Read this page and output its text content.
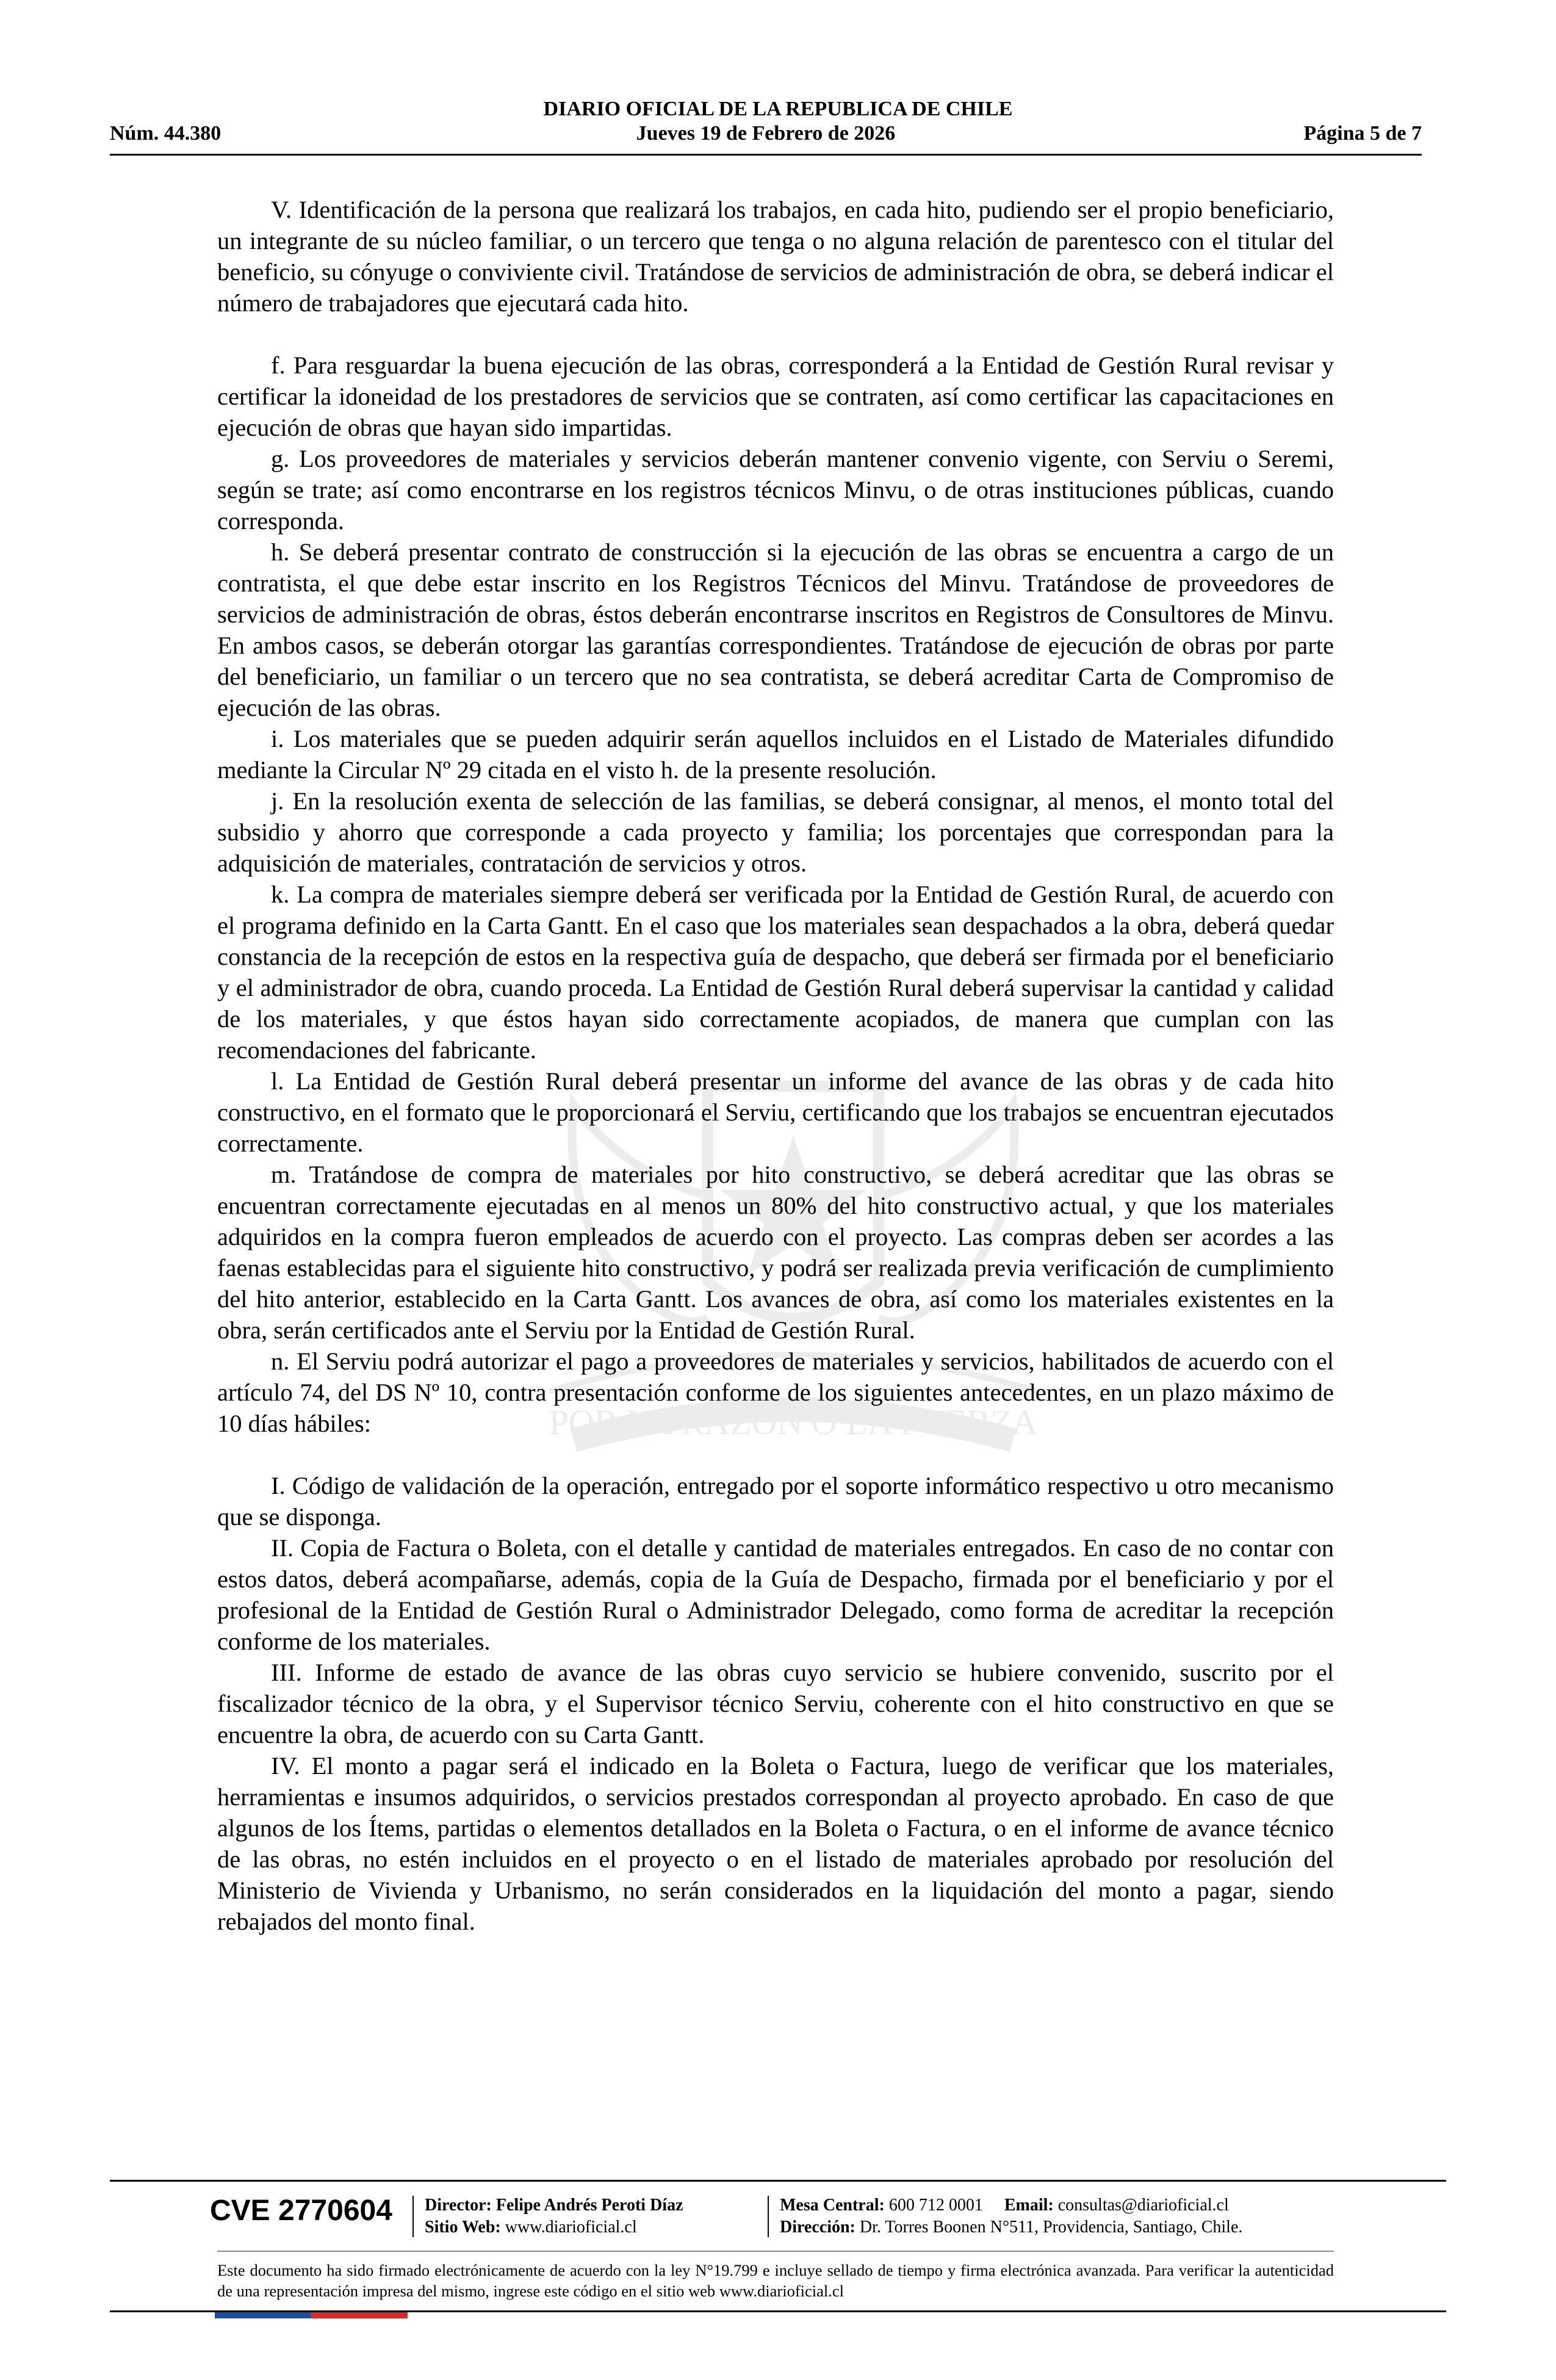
DIARIO OFICIAL DE LA REPUBLICA DE CHILE
Núm. 44.380	Jueves 19 de Febrero de 2026	Página 5 de 7
POR LA RAZON O LA FUERZA

V. Identificación de la persona que realizará los trabajos, en cada hito, pudiendo ser el propio beneficiario, un integrante de su núcleo familiar, o un tercero que tenga o no alguna relación de parentesco con el titular del beneficio, su cónyuge o conviviente civil. Tratándose de servicios de administración de obra, se deberá indicar el número de trabajadores que ejecutará cada hito.

f. Para resguardar la buena ejecución de las obras, corresponderá a la Entidad de Gestión Rural revisar y certificar la idoneidad de los prestadores de servicios que se contraten, así como certificar las capacitaciones en ejecución de obras que hayan sido impartidas.

g. Los proveedores de materiales y servicios deberán mantener convenio vigente, con Serviu o Seremi, según se trate; así como encontrarse en los registros técnicos Minvu, o de otras instituciones públicas, cuando corresponda.

h. Se deberá presentar contrato de construcción si la ejecución de las obras se encuentra a cargo de un contratista, el que debe estar inscrito en los Registros Técnicos del Minvu. Tratándose de proveedores de servicios de administración de obras, éstos deberán encontrarse inscritos en Registros de Consultores de Minvu. En ambos casos, se deberán otorgar las garantías correspondientes. Tratándose de ejecución de obras por parte del beneficiario, un familiar o un tercero que no sea contratista, se deberá acreditar Carta de Compromiso de ejecución de las obras.

i. Los materiales que se pueden adquirir serán aquellos incluidos en el Listado de Materiales difundido mediante la Circular Nº 29 citada en el visto h. de la presente resolución.

j. En la resolución exenta de selección de las familias, se deberá consignar, al menos, el monto total del subsidio y ahorro que corresponde a cada proyecto y familia; los porcentajes que correspondan para la adquisición de materiales, contratación de servicios y otros.

k. La compra de materiales siempre deberá ser verificada por la Entidad de Gestión Rural, de acuerdo con el programa definido en la Carta Gantt. En el caso que los materiales sean despachados a la obra, deberá quedar constancia de la recepción de estos en la respectiva guía de despacho, que deberá ser firmada por el beneficiario y el administrador de obra, cuando proceda. La Entidad de Gestión Rural deberá supervisar la cantidad y calidad de los materiales, y que éstos hayan sido correctamente acopiados, de manera que cumplan con las recomendaciones del fabricante.

l. La Entidad de Gestión Rural deberá presentar un informe del avance de las obras y de cada hito constructivo, en el formato que le proporcionará el Serviu, certificando que los trabajos se encuentran ejecutados correctamente.

m. Tratándose de compra de materiales por hito constructivo, se deberá acreditar que las obras se encuentran correctamente ejecutadas en al menos un 80% del hito constructivo actual, y que los materiales adquiridos en la compra fueron empleados de acuerdo con el proyecto. Las compras deben ser acordes a las faenas establecidas para el siguiente hito constructivo, y podrá ser realizada previa verificación de cumplimiento del hito anterior, establecido en la Carta Gantt. Los avances de obra, así como los materiales existentes en la obra, serán certificados ante el Serviu por la Entidad de Gestión Rural.

n. El Serviu podrá autorizar el pago a proveedores de materiales y servicios, habilitados de acuerdo con el artículo 74, del DS Nº 10, contra presentación conforme de los siguientes antecedentes, en un plazo máximo de 10 días hábiles:

I. Código de validación de la operación, entregado por el soporte informático respectivo u otro mecanismo que se disponga.

II. Copia de Factura o Boleta, con el detalle y cantidad de materiales entregados. En caso de no contar con estos datos, deberá acompañarse, además, copia de la Guía de Despacho, firmada por el beneficiario y por el profesional de la Entidad de Gestión Rural o Administrador Delegado, como forma de acreditar la recepción conforme de los materiales.

III. Informe de estado de avance de las obras cuyo servicio se hubiere convenido, suscrito por el fiscalizador técnico de la obra, y el Supervisor técnico Serviu, coherente con el hito constructivo en que se encuentre la obra, de acuerdo con su Carta Gantt.

IV. El monto a pagar será el indicado en la Boleta o Factura, luego de verificar que los materiales, herramientas e insumos adquiridos, o servicios prestados correspondan al proyecto aprobado. En caso de que algunos de los Ítems, partidas o elementos detallados en la Boleta o Factura, o en el informe de avance técnico de las obras, no estén incluidos en el proyecto o en el listado de materiales aprobado por resolución del Ministerio de Vivienda y Urbanismo, no serán considerados en la liquidación del monto a pagar, siendo rebajados del monto final.

CVE 2770604 Director: Felipe Andrés Peroti Díaz
Sitio Web: www.diarioficial.cl
Mesa Central: 600 712 0001 Email: consultas@diarioficial.cl
Dirección: Dr. Torres Boonen N°511, Providencia, Santiago, Chile.
Este documento ha sido firmado electrónicamente de acuerdo con la ley N°19.799 e incluye sellado de tiempo y firma electrónica avanzada. Para verificar la autenticidad de una representación impresa del mismo, ingrese este código en el sitio web www.diarioficial.cl
